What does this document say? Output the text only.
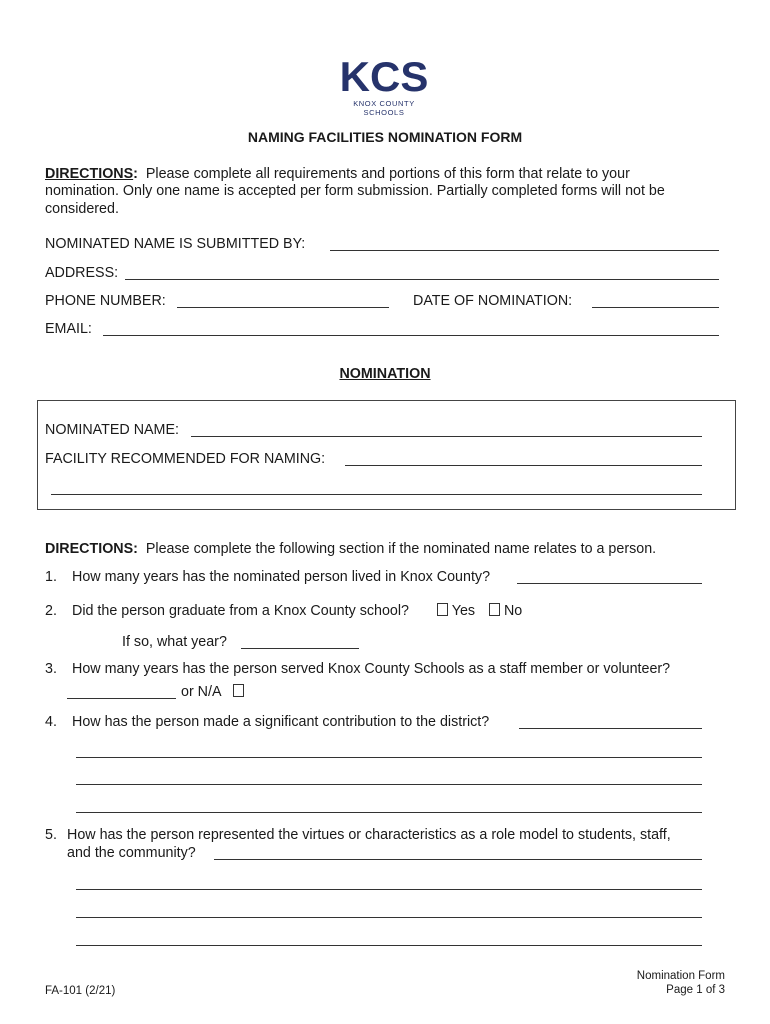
KCS
KNOX COUNTY SCHOOLS
NAMING FACILITIES NOMINATION FORM
DIRECTIONS: Please complete all requirements and portions of this form that relate to your
nomination. Only one name is accepted per form submission. Partially completed forms will not be
considered.
NOMINATED NAME IS SUBMITTED BY:
ADDRESS:
PHONE NUMBER:	DATE OF NOMINATION:
EMAIL:
NOMINATION
NOMINATED NAME:
FACILITY RECOMMENDED FOR NAMING:
DIRECTIONS: Please complete the following section if the nominated name relates to a person.
1. How many years has the nominated person lived in Knox County?
2. Did the person graduate from a Knox County school?	Yes	No
If so, what year?
3. How many years has the person served Knox County Schools as a staff member or volunteer?
or N/A
4. How has the person made a significant contribution to the district?
5. How has the person represented the virtues or characteristics as a role model to students, staff,
and the community?
FA-101 (2/21)
Nomination Form
Page 1 of 3
